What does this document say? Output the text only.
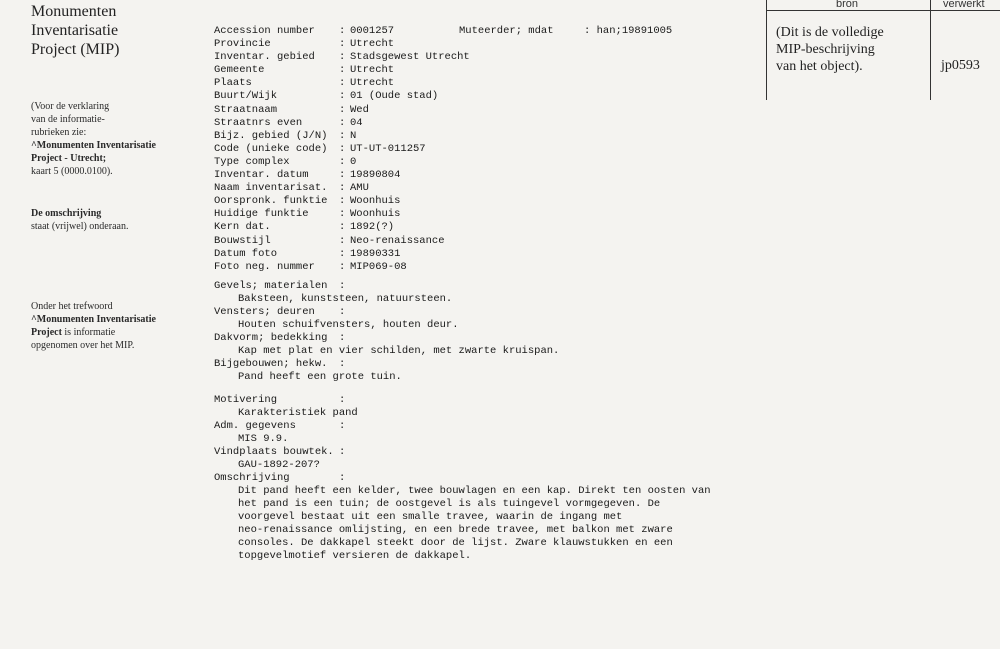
Monumenten
Inventarisatie
Project (MIP)
(Voor de verklaring
van de informatie-
rubrieken zie:
^Monumenten Inventarisatie
Project - Utrecht;
kaart 5 (0000.0100).
De omschrijving
staat (vrijwel) onderaan.
Onder het trefwoord
^Monumenten Inventarisatie
Project is informatie
opgenomen over het MIP.
bron	verwerkt
(Dit is de volledige
MIP-beschrijving
van het object).	jp0593
Accession number : 0001257
Provincie	: Utrecht
Inventar. gebied : Stadsgewest Utrecht
Gemeente	: Utrecht
Plaats	: Utrecht
Buurt/Wijk	: 01 (Oude stad)
Straatnaam	: Wed
Straatnrs even	: 04
Bijz. gebied (J/N) : N
Code (unieke code) : UT-UT-011257
Type complex	: 0
Inventar. datum	: 19890804
Naam inventarisat. : AMU
Oorspronk. funktie : Woonhuis
Huidige funktie	: Woonhuis
Kern dat.	: 1892(?)
Bouwstijl	: Neo-renaissance
Datum foto	: 19890331
Foto neg. nummer : MIP069-08
Muteerder; mdat	: han;19891005
Gevels; materialen :
Baksteen, kunststeen, natuursteen.
Vensters; deuren :
Houten schuifvensters, houten deur.
Dakvorm; bedekking :
Kap met plat en vier schilden, met zwarte kruispan.
Bijgebouwen; hekw. :
Pand heeft een grote tuin.
Motivering	:
Karakteristiek pand
Adm. gegevens	:
MIS 9.9.
Vindplaats bouwtek. :
GAU-1892-207?
Omschrijving	:
Dit pand heeft een kelder, twee bouwlagen en een kap. Direkt ten oosten van
het pand is een tuin; de oostgevel is als tuingevel vormgegeven. De
voorgevel bestaat uit een smalle travee, waarin de ingang met
neo-renaissance omlijsting, en een brede travee, met balkon met zware
consoles. De dakkapel steekt door de lijst. Zware klauwstukken en een
topgevelmotief versieren de dakkapel.
